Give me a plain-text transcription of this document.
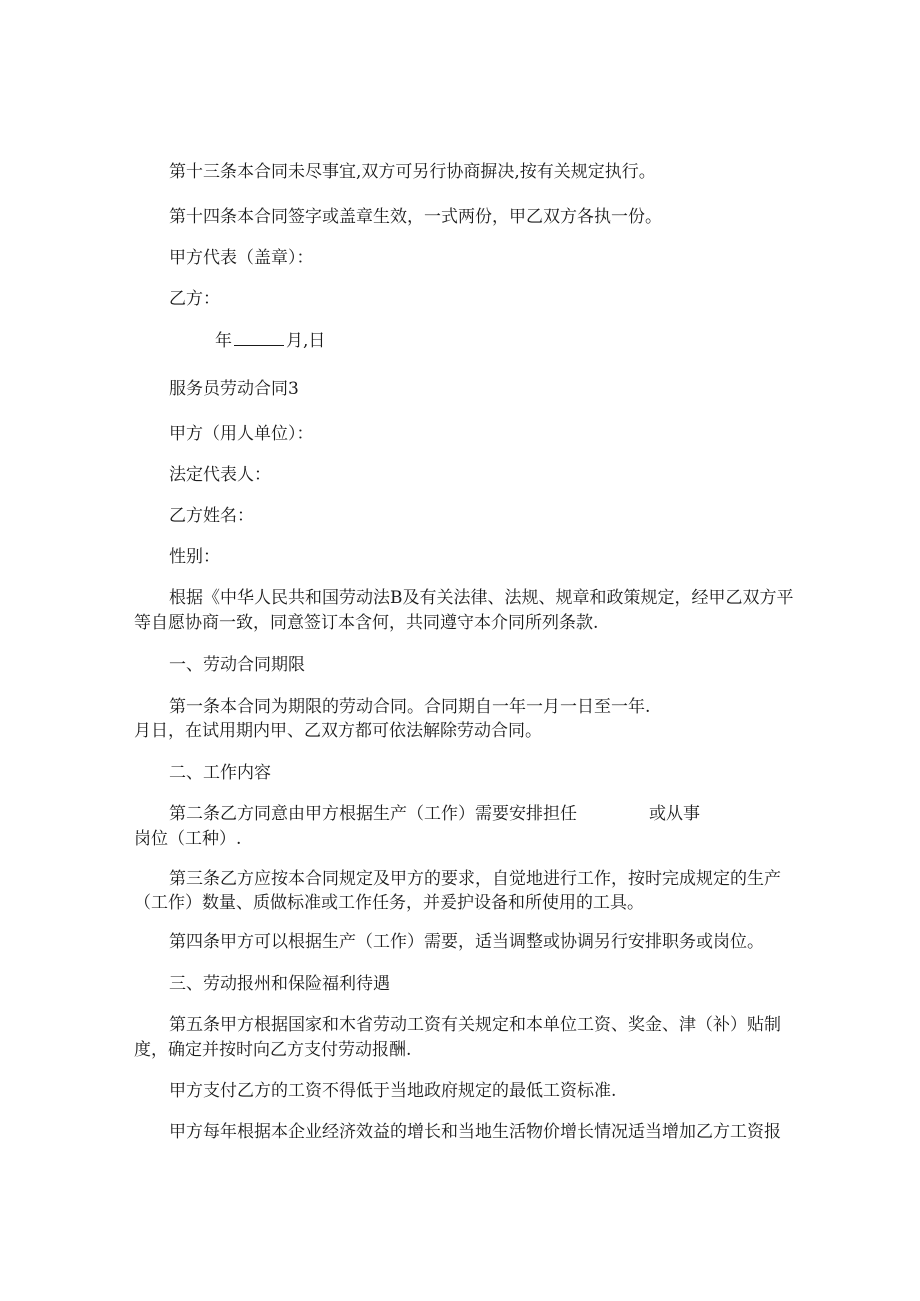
第十三条本合同未尽事宜,双方可另行协商摒决,按有关规定执行。
第十四条本合同签字或盖章生效，一式两份，甲乙双方各执一份。
甲方代表（盖章）：
乙方：
年	月,日
服务员劳动合同3
甲方（用人单位）：
法定代表人：
乙方姓名：
性别：
根据《中华人民共和国劳动法B及有关法律、法规、规章和政策规定，经甲乙双方平
等自愿协商一致，同意签订本含何，共同遵守本介同所列条款.
一、劳动合同期限
第一条本合同为期限的劳动合同。合同期自一年一月一日至一年.
月日，在试用期内甲、乙双方都可依法解除劳动合同。
二、工作内容
第二条乙方同意由甲方根据生产（工作）需要安排担任	或从事
岗位（工种）.
第三条乙方应按本合同规定及甲方的要求，自觉地进行工作，按时完成规定的生产
（工作）数量、质做标准或工作任务，并爰护设备和所使用的工具。
第四条甲方可以根据生产（工作）需要，适当调整或协调另行安排职务或岗位。
三、劳动报州和保险福利待遇
第五条甲方根据国家和木省劳动工资有关规定和本单位工资、奖金、津（补）贴制
度，确定并按时向乙方支付劳动报酬.
甲方支付乙方的工资不得低于当地政府规定的最低工资标准.
甲方每年根据本企业经济效益的增长和当地生活物价增长情况适当增加乙方工资报
